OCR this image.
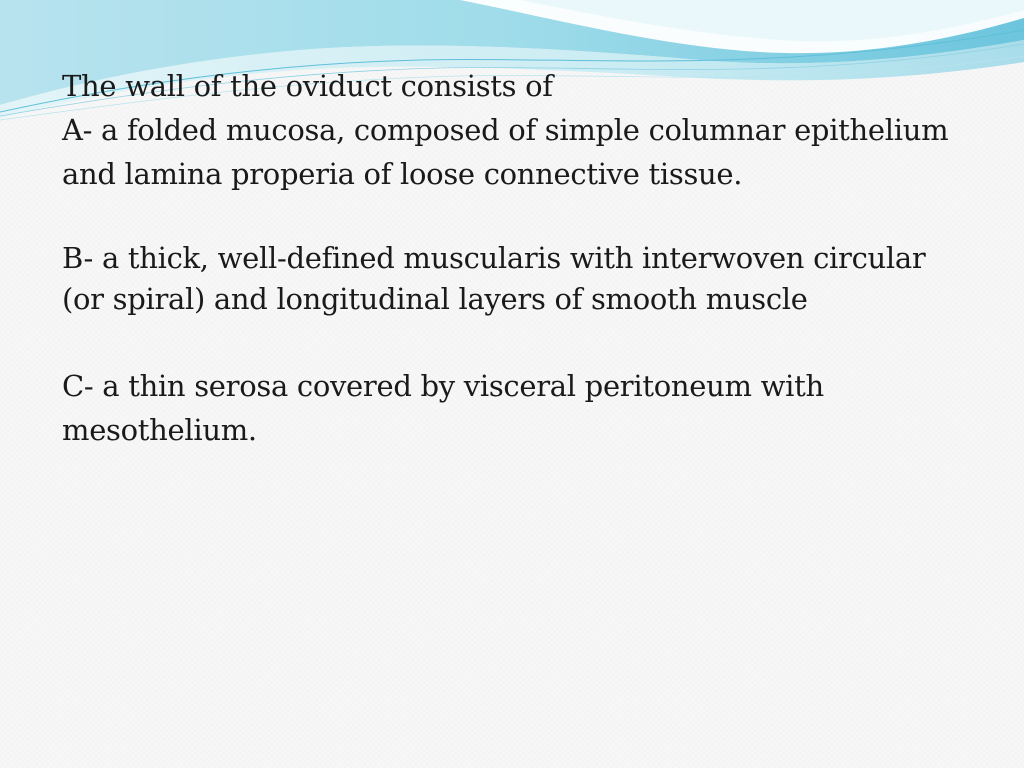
The wall of the oviduct consists of

A- a folded mucosa, composed of simple columnar epithelium and lamina properia of loose connective tissue.

B- a thick, well-defined muscularis with interwoven circular (or spiral) and longitudinal layers of smooth muscle

C- a thin serosa covered by visceral peritoneum with mesothelium.
